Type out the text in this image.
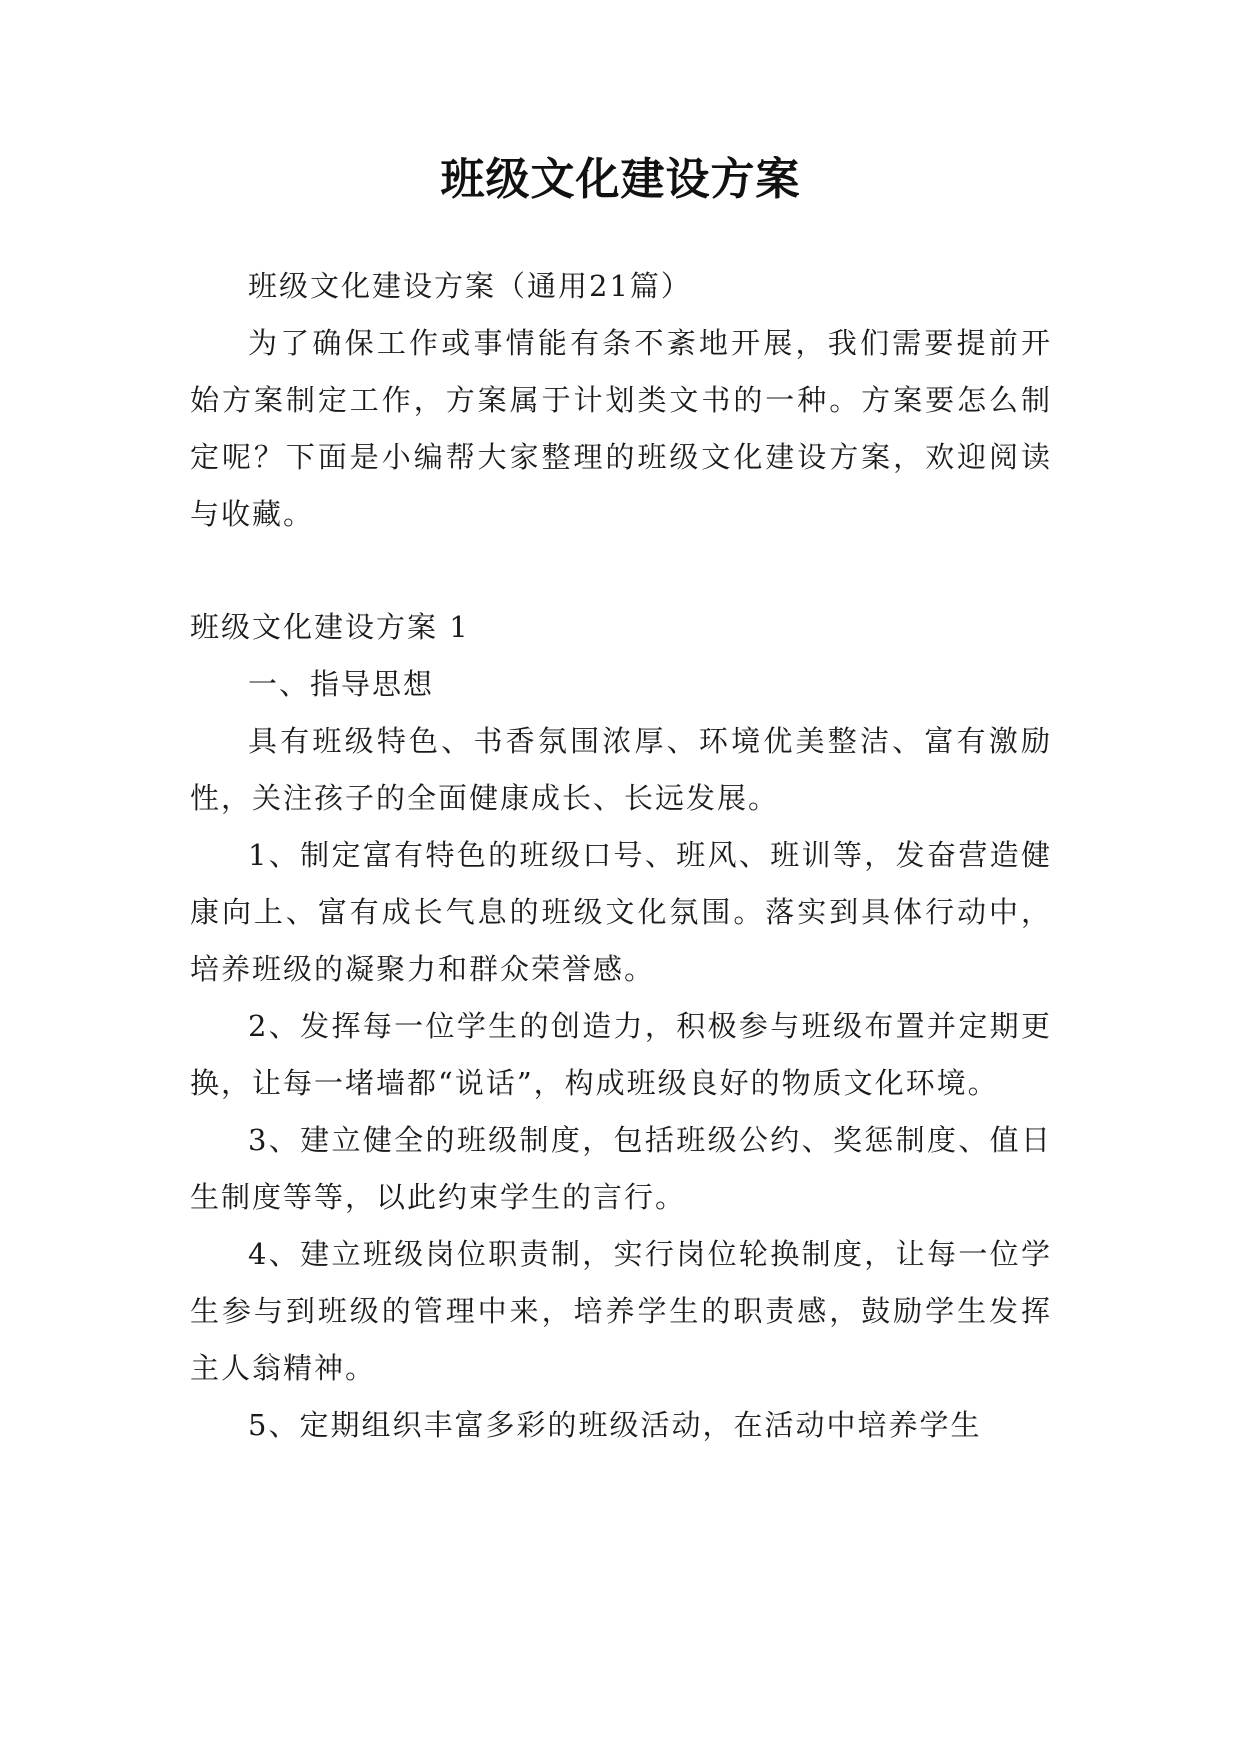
班级文化建设方案

班级文化建设方案（通用21篇）

为了确保工作或事情能有条不紊地开展，我们需要提前开始方案制定工作，方案属于计划类文书的一种。方案要怎么制定呢？下面是小编帮大家整理的班级文化建设方案，欢迎阅读与收藏。

班级文化建设方案 1

一、指导思想

具有班级特色、书香氛围浓厚、环境优美整洁、富有激励性，关注孩子的全面健康成长、长远发展。

1、制定富有特色的班级口号、班风、班训等，发奋营造健康向上、富有成长气息的班级文化氛围。落实到具体行动中，培养班级的凝聚力和群众荣誉感。

2、发挥每一位学生的创造力，积极参与班级布置并定期更换，让每一堵墙都“说话”，构成班级良好的物质文化环境。

3、建立健全的班级制度，包括班级公约、奖惩制度、值日生制度等等，以此约束学生的言行。

4、建立班级岗位职责制，实行岗位轮换制度，让每一位学生参与到班级的管理中来，培养学生的职责感，鼓励学生发挥主人翁精神。

5、定期组织丰富多彩的班级活动，在活动中培养学生
